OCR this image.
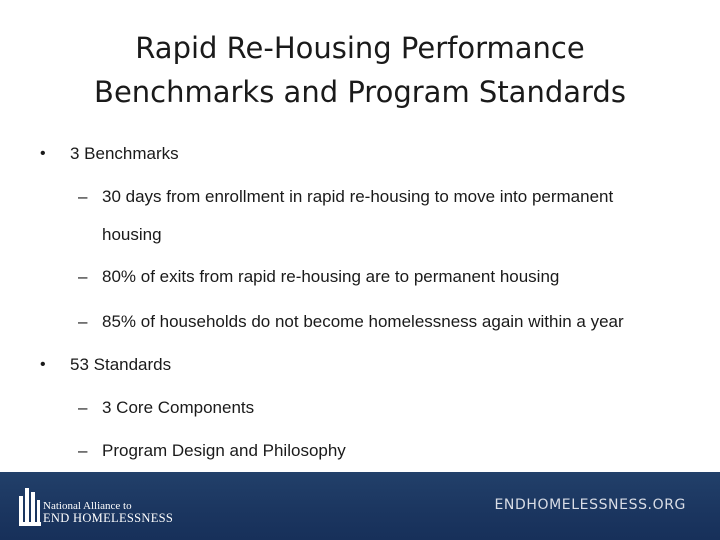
Rapid Re-Housing Performance
Benchmarks and Program Standards
• 3 Benchmarks
– 30 days from enrollment in rapid re-housing to move into permanent
housing
– 80% of exits from rapid re-housing are to permanent housing
– 85% of households do not become homelessness again within a year
• 53 Standards
– 3 Core Components
– Program Design and Philosophy
National Alliance to
END HOMELESSNESS
ENDHOMELESSNESS.ORG
